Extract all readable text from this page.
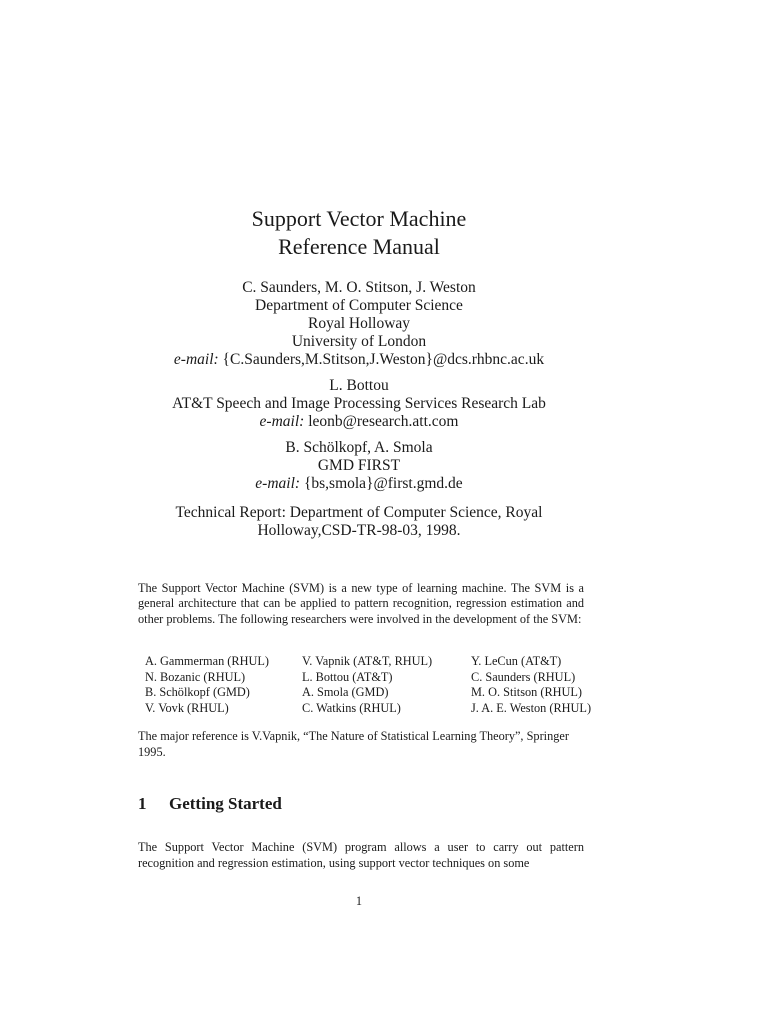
Support Vector Machine
Reference Manual
C. Saunders, M. O. Stitson, J. Weston
Department of Computer Science
Royal Holloway
University of London
e-mail: {C.Saunders,M.Stitson,J.Weston}@dcs.rhbnc.ac.uk
L. Bottou
AT&T Speech and Image Processing Services Research Lab
e-mail: leonb@research.att.com
B. Schölkopf, A. Smola
GMD FIRST
e-mail: {bs,smola}@first.gmd.de
Technical Report: Department of Computer Science, Royal
Holloway,CSD-TR-98-03, 1998.

The Support Vector Machine (SVM) is a new type of learning machine. The SVM is a general architecture that can be applied to pattern recognition, regression estimation and other problems. The following researchers were involved in the development of the SVM:

A. Gammerman (RHUL)
N. Bozanic (RHUL)
B. Schölkopf (GMD)
V. Vovk (RHUL)
V. Vapnik (AT&T, RHUL)
L. Bottou (AT&T)
A. Smola (GMD)
C. Watkins (RHUL)
Y. LeCun (AT&T)
C. Saunders (RHUL)
M. O. Stitson (RHUL)
J. A. E. Weston (RHUL)

The major reference is V.Vapnik, “The Nature of Statistical Learning Theory”, Springer 1995.

1 Getting Started

The Support Vector Machine (SVM) program allows a user to carry out pattern recognition and regression estimation, using support vector techniques on some

1
